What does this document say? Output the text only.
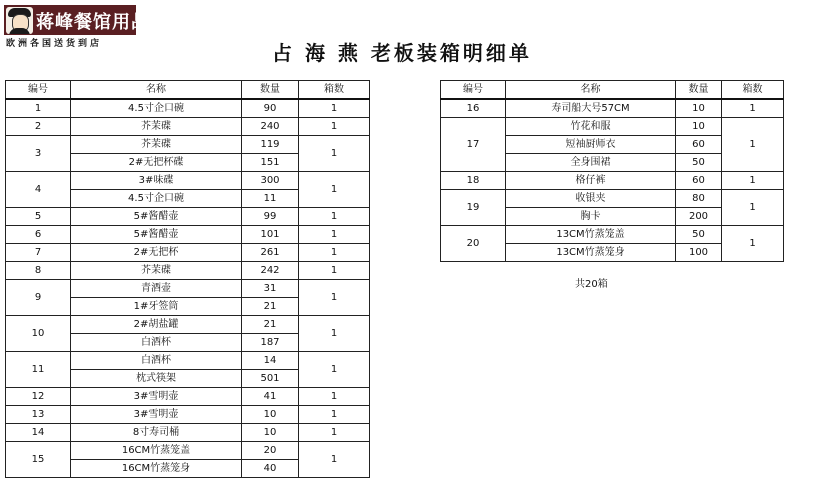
蒋峰餐馆用品
欧洲各国送货到店	占 海 燕 老板装箱明细单
编号	名称	数量	箱数
1	4.5寸企口碗	90	1
2	芥茉碟	240	1
3	芥茉碟	119	1
	2#无把杯碟	151	
4	3#味碟	300	1
	4.5寸企口碗	11	
5	5#酱醋壶	99	1
6	5#酱醋壶	101	1
7	2#无把杯	261	1
8	芥茉碟	242	1
9	青酒壶	31	1
	1#牙签筒	21	
10	2#胡盐罐	21	1
	白酒杯	187	
11	白酒杯	14	1
	枕式筷架	501	
12	3#雪明壶	41	1
13	3#雪明壶	10	1
14	8寸寿司桶	10	1
15	16CM竹蒸笼盖	20	1
	16CM竹蒸笼身	40	
编号	名称	数量	箱数
16	寿司船大号57CM	10	1
17	竹花和服	10	1
	短袖厨师衣	60	
	全身围裙	50	
18	格仔裤	60	1
19	收银夹	80	1
	胸卡	200	
20	13CM竹蒸笼盖	50	1
	13CM竹蒸笼身	100	
共20箱
